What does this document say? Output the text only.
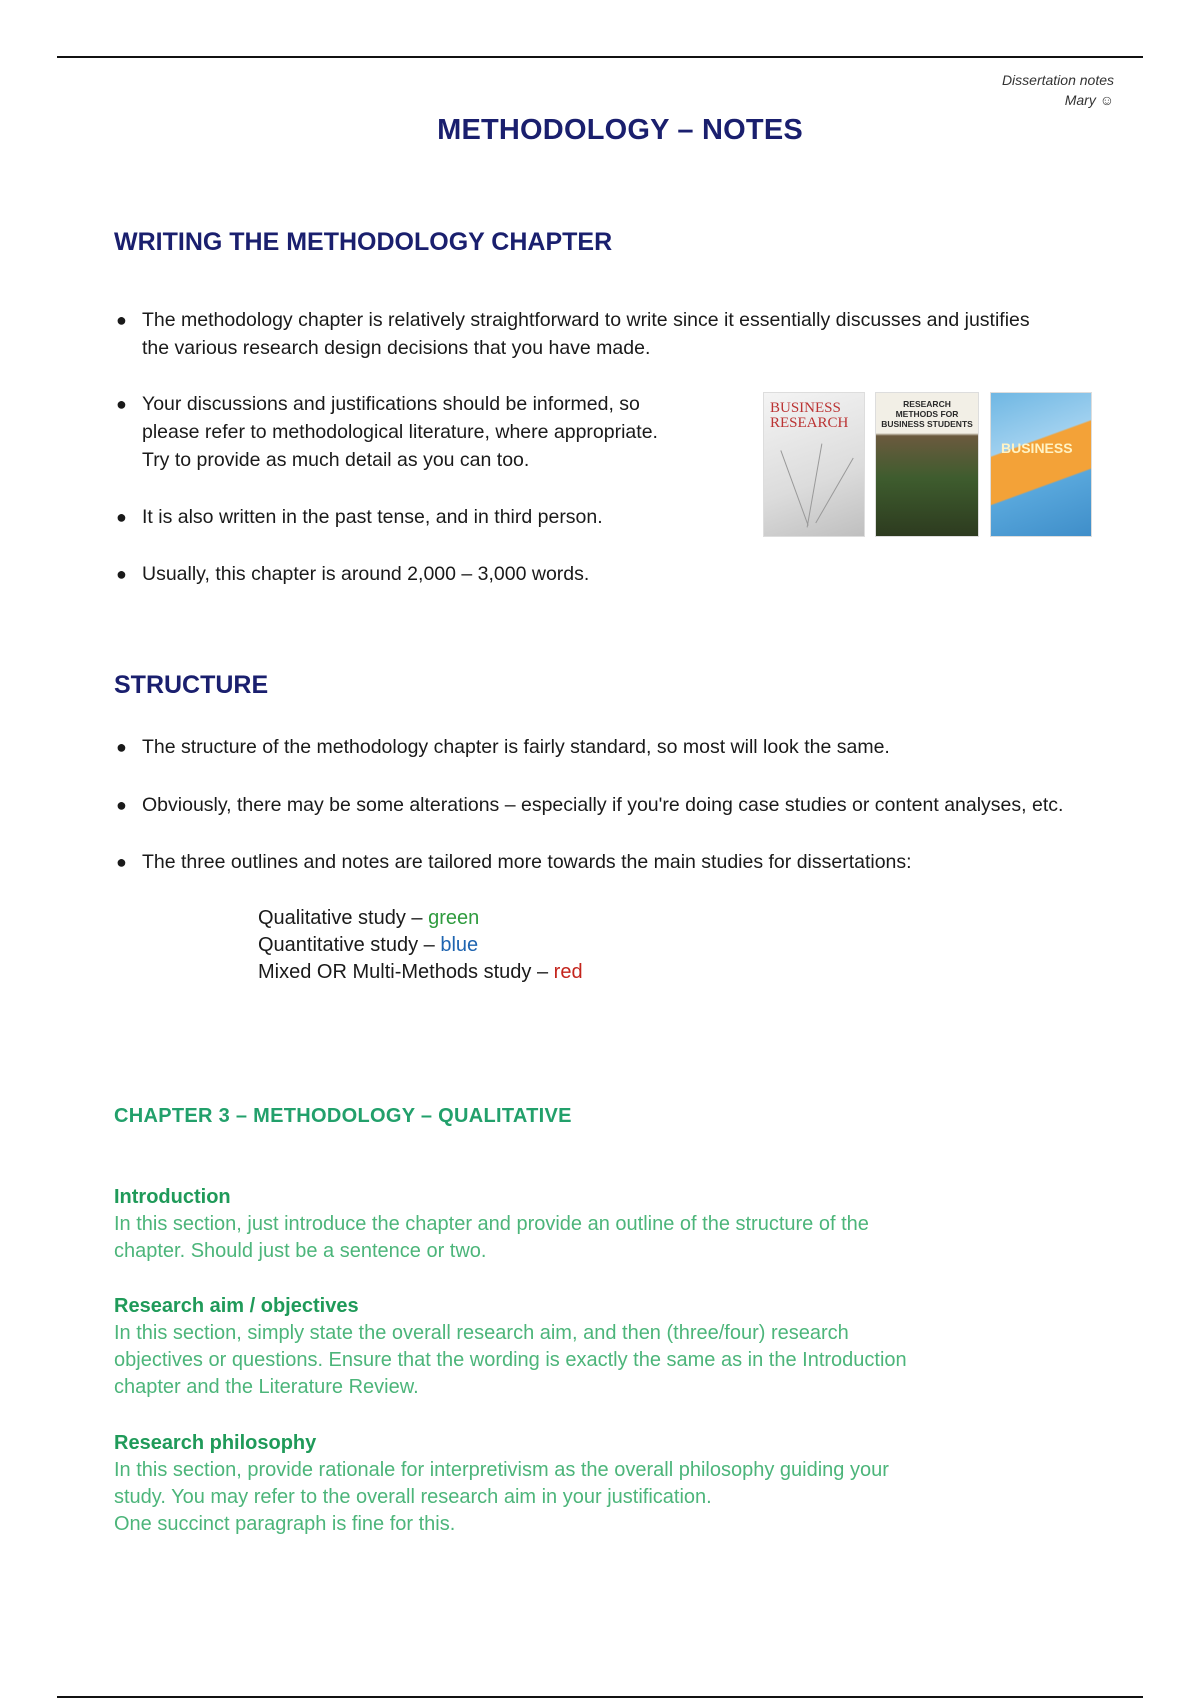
Dissertation notes
Mary ☺
METHODOLOGY – NOTES
WRITING THE METHODOLOGY CHAPTER
● The methodology chapter is relatively straightforward to write since it essentially discusses and justifies
the various research design decisions that you have made.
● Your discussions and justifications should be informed, so
please refer to methodological literature, where appropriate.
Try to provide as much detail as you can too.
● It is also written in the past tense, and in third person.
● Usually, this chapter is around 2,000 – 3,000 words.
BUSINESS RESEARCH
RESEARCH METHODS FOR BUSINESS STUDENTS
BUSINESS
STRUCTURE
● The structure of the methodology chapter is fairly standard, so most will look the same.
● Obviously, there may be some alterations – especially if you're doing case studies or content analyses, etc.
● The three outlines and notes are tailored more towards the main studies for dissertations:
Qualitative study – green
Quantitative study – blue
Mixed OR Multi-Methods study – red
CHAPTER 3 – METHODOLOGY – QUALITATIVE
Introduction

In this section, just introduce the chapter and provide an outline of the structure of the
chapter. Should just be a sentence or two.

Research aim / objectives

In this section, simply state the overall research aim, and then (three/four) research
objectives or questions. Ensure that the wording is exactly the same as in the Introduction
chapter and the Literature Review.

Research philosophy

In this section, provide rationale for interpretivism as the overall philosophy guiding your
study. You may refer to the overall research aim in your justification.
One succinct paragraph is fine for this.
